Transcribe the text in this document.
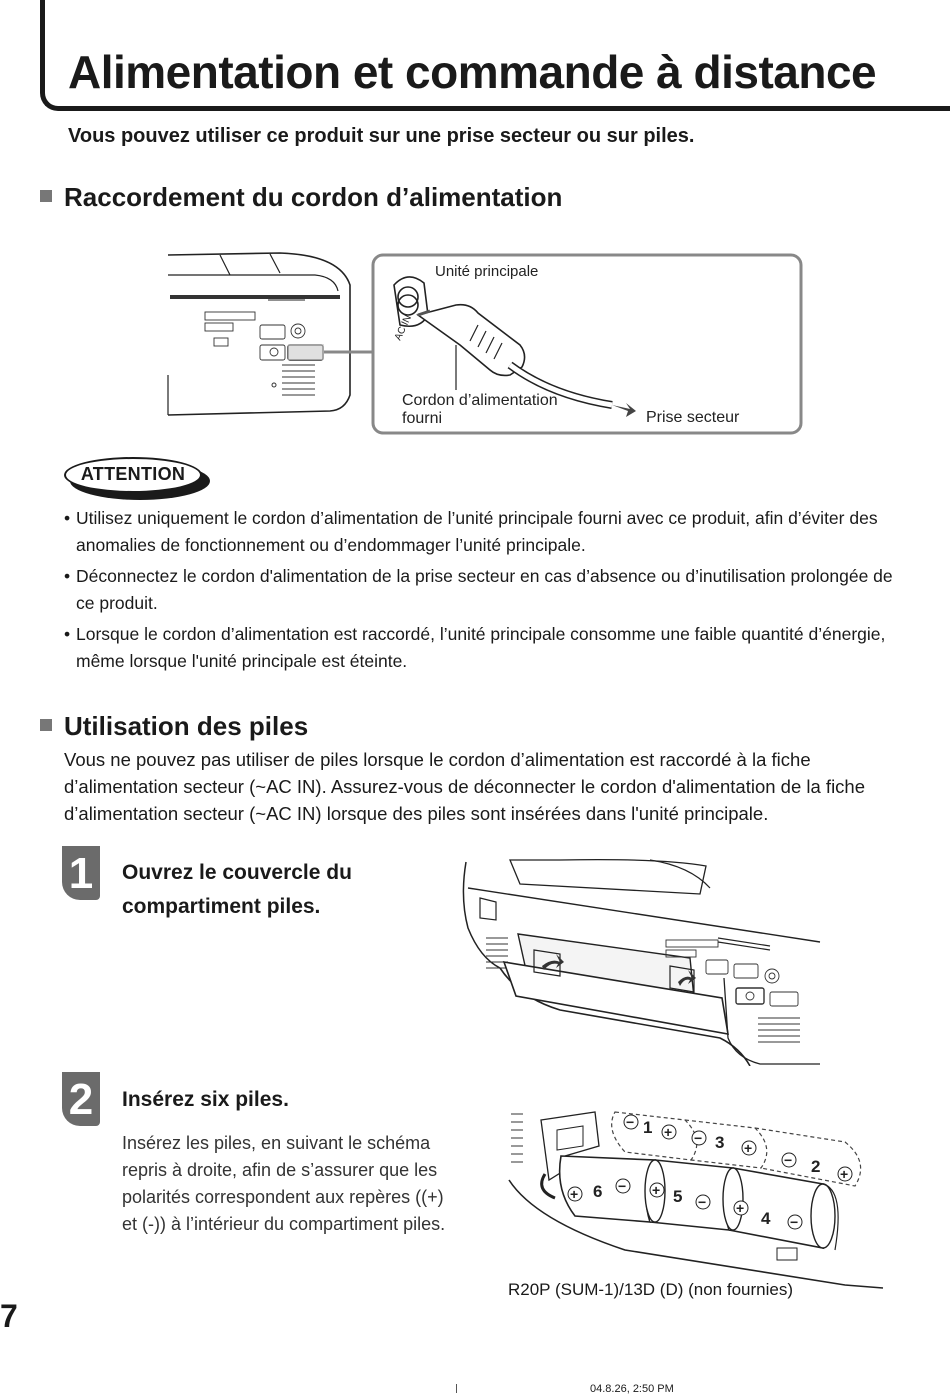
Alimentation et commande à distance

Vous pouvez utiliser ce produit sur une prise secteur ou sur piles.

Raccordement du cordon d’alimentation
AC IN
Unité principale
Cordon d’alimentation
fourni	Prise secteur
ATTENTION
• Utilisez uniquement le cordon d’alimentation de l’unité principale fourni avec ce produit, afin d’éviter des anomalies de fonctionnement ou d’endommager l’unité principale.
• Déconnectez le cordon d'alimentation de la prise secteur en cas d’absence ou d’inutilisation prolongée de ce produit.
• Lorsque le cordon d’alimentation est raccordé, l’unité principale consomme une faible quantité d’énergie, même lorsque l'unité principale est éteinte.
Utilisation des piles

Vous ne pouvez pas utiliser de piles lorsque le cordon d’alimentation est raccordé à la fiche d’alimentation secteur (~AC IN). Assurez-vous de déconnecter le cordon d'alimentation de la fiche d’alimentation secteur (~AC IN) lorsque des piles sont insérées dans l'unité principale.

1	Ouvrez le couvercle du

compartiment piles.

2	Insérez six piles.

Insérez les piles, en suivant le schéma repris à droite, afin de s’assurer que les polarités correspondent aux repères ((+) et (-)) à l’intérieur du compartiment piles.

−
+ −
+
−
+
+	− +
− +
−
1
2
3
4
5
6

R20P (SUM-1)/13D (D) (non fournies)

7

04.8.26, 2:50 PM
